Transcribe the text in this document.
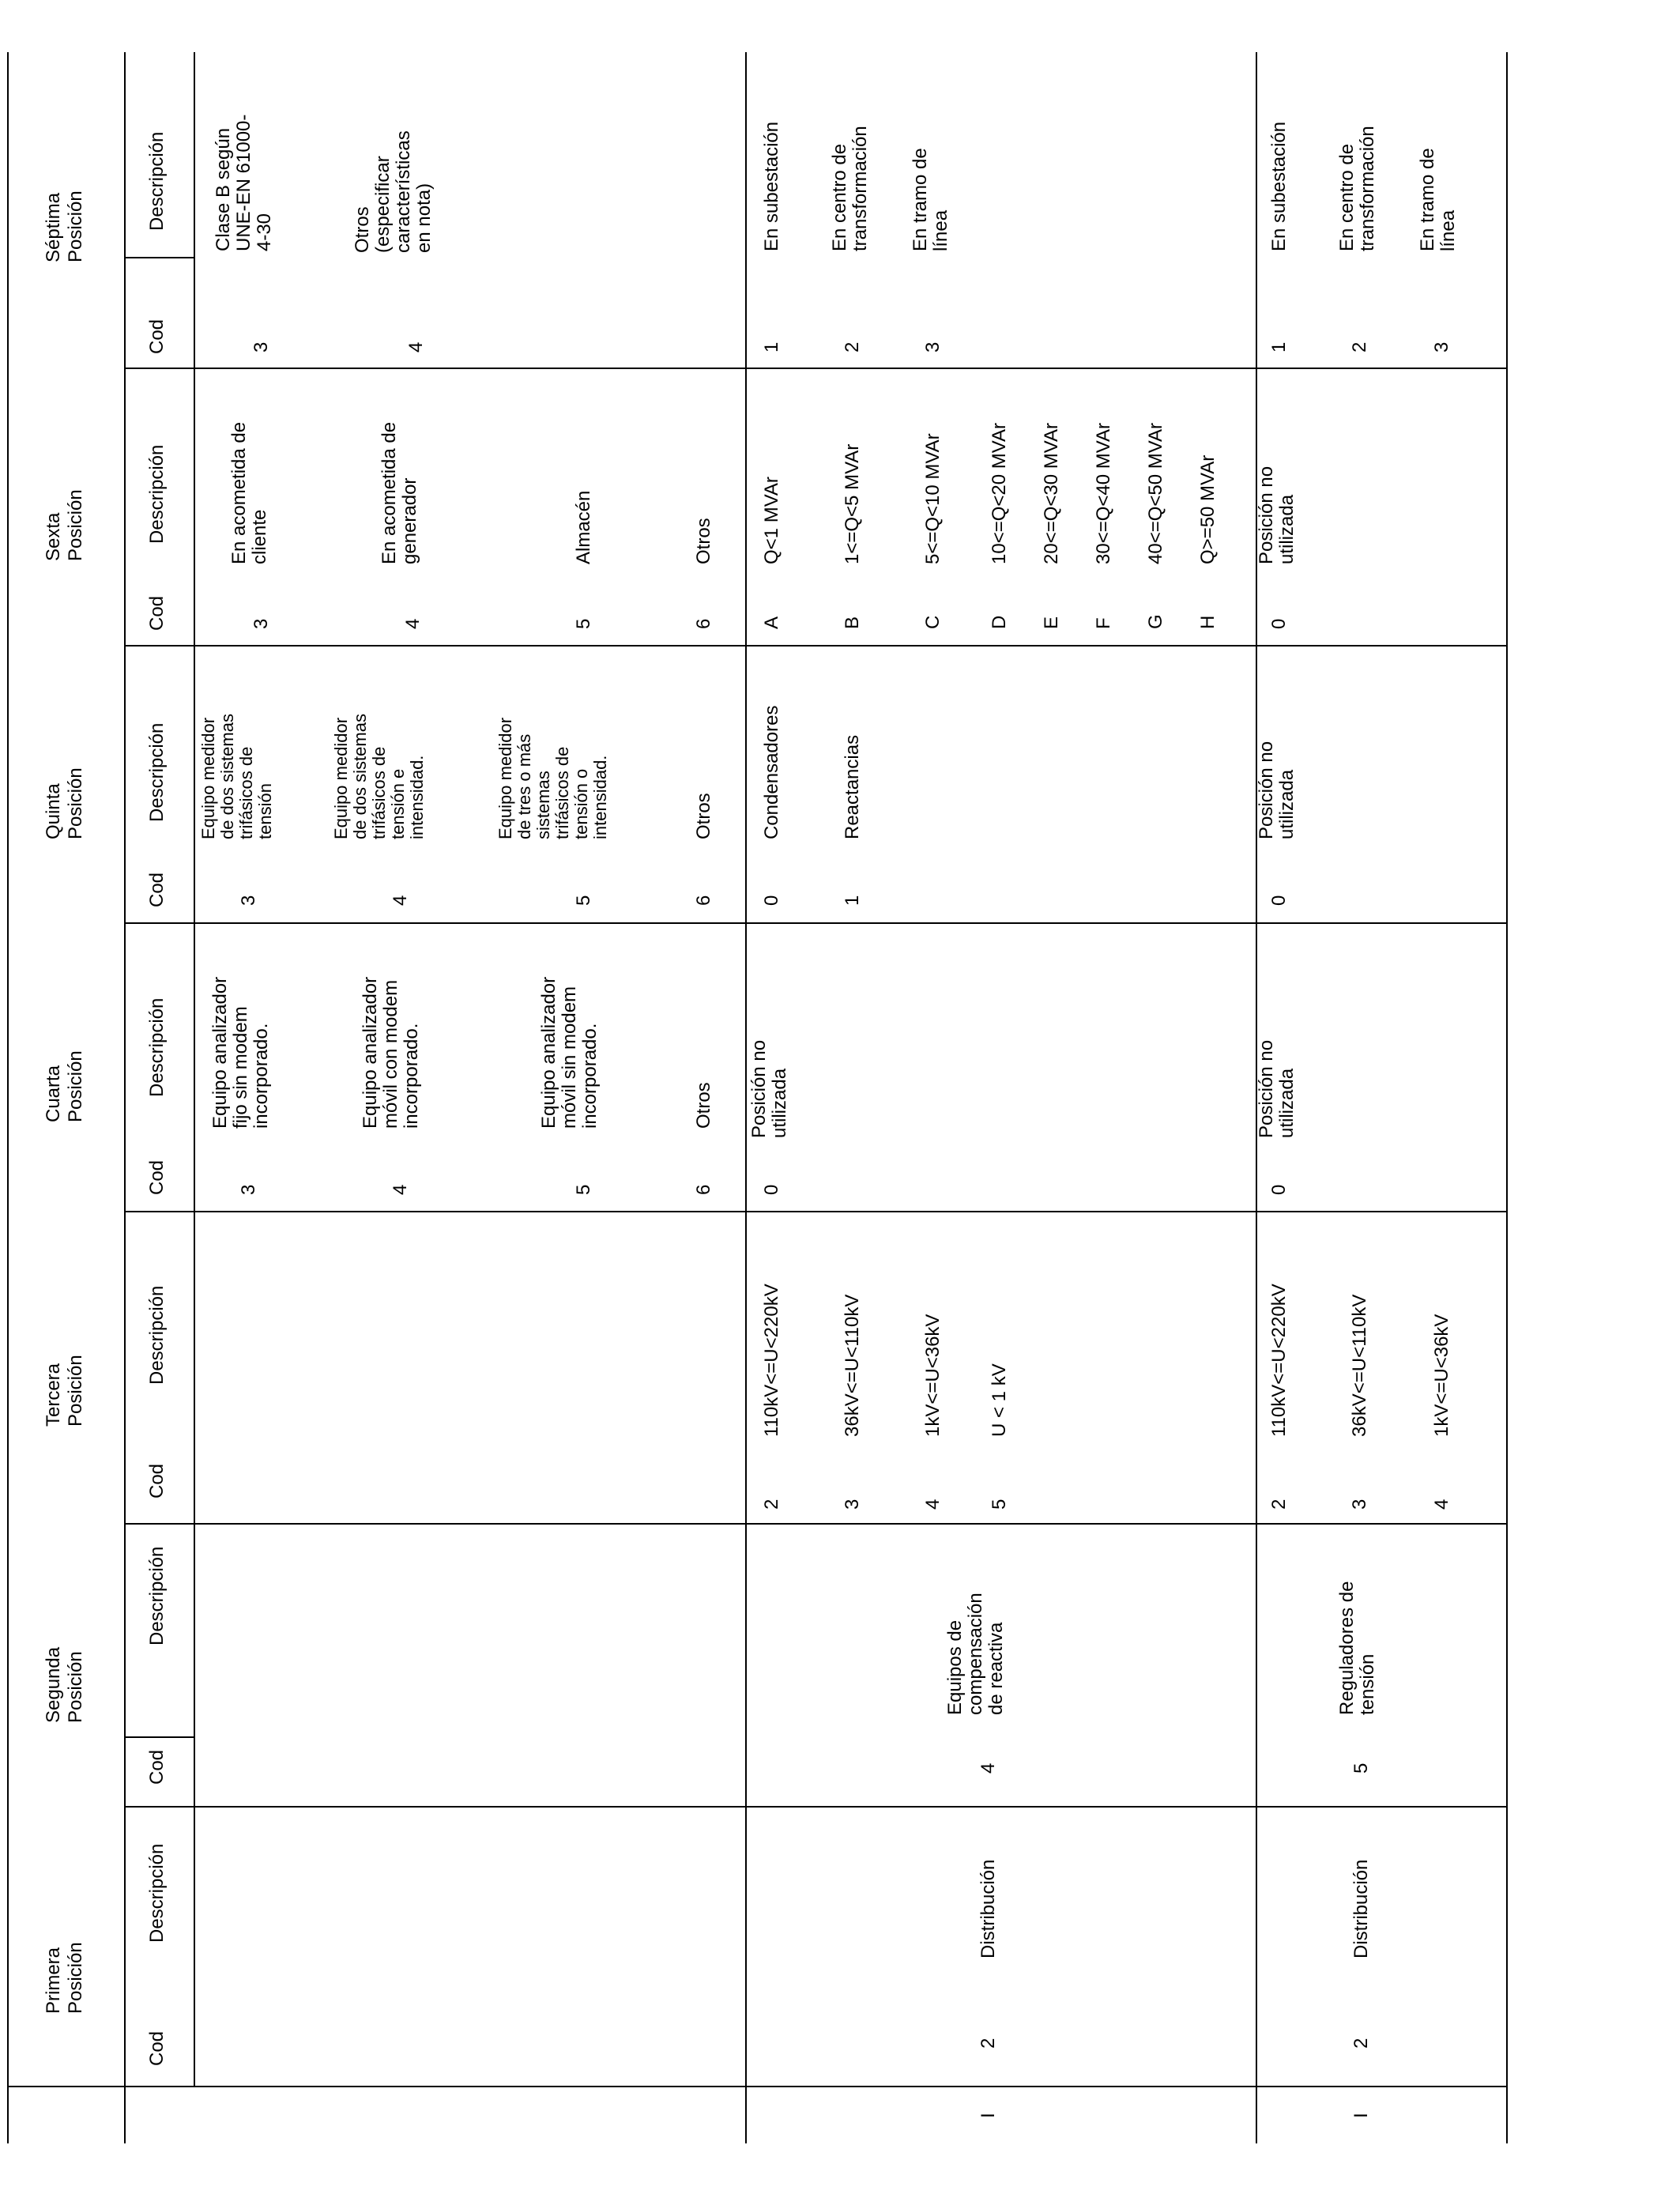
Primera
Posición
Segunda
Posición
Tercera
Posición
Cuarta
Posición
Quinta
Posición
Sexta
Posición
Séptima
Posición
Cod
Descripción
Cod
Descripción
Cod
Descripción
Cod
Descripción
Cod
Descripción
Cod
Descripción
Cod
Descripción
3
Clase B según
UNE-EN 61000-
4-30
4
Otros
(especificar
características
en nota)
3
En acometida de
cliente
4
En acometida de
generador
5
Almacén
6
Otros
3
Equipo medidor
de dos sistemas
trifásicos de
tensión
4
Equipo medidor
de dos sistemas
trifásicos de
tensión e
intensidad.
5
Equipo medidor
de tres o más
sistemas
trifásicos de
tensión o
intensidad.
6
Otros
3
Equipo analizador
fijo sin modem
incorporado.
4
Equipo analizador
móvil con modem
incorporado.
5
Equipo analizador
móvil sin modem
incorporado.
6
Otros
I
2
Distribución
4
Equipos de
compensación
de reactiva
2
110kV<=U<220kV
3
36kV<=U<110kV
4
1kV<=U<36kV
5
U < 1 kV
0
Posición no
utilizada
0
Condensadores
1
Reactancias
A
Q<1 MVAr
B
1<=Q<5 MVAr
C
5<=Q<10 MVAr
D
10<=Q<20 MVAr
E
20<=Q<30 MVAr
F
30<=Q<40 MVAr
G
40<=Q<50 MVAr
H
Q>=50 MVAr
1
En subestación
2
En centro de
transformación
3
En tramo de
línea
I
2
Distribución
5
Reguladores de
tensión
2
110kV<=U<220kV
3
36kV<=U<110kV
4
1kV<=U<36kV
0
Posición no
utilizada
0
Posición no
utilizada
0
Posición no
utilizada
1
En subestación
2
En centro de
transformación
3
En tramo de
línea
